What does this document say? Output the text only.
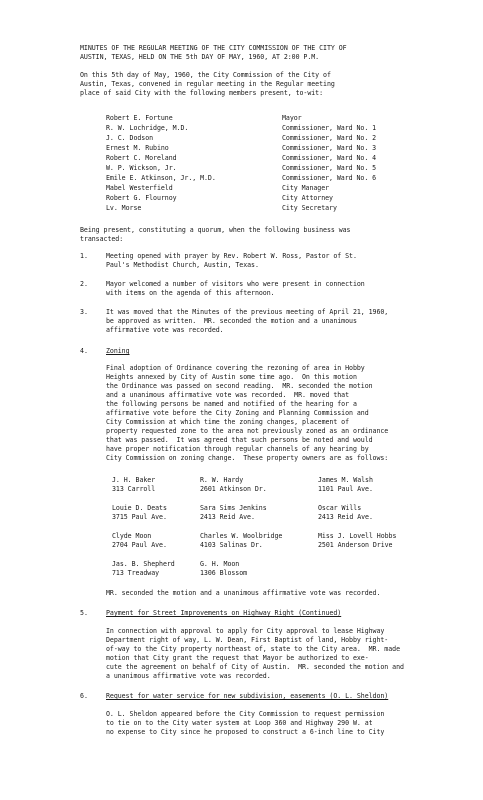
MINUTES OF THE REGULAR MEETING OF THE CITY COMMISSION OF THE CITY OF
AUSTIN, TEXAS, HELD ON THE 5th DAY OF MAY, 1960, AT 2:00 P.M.
On this 5th day of May, 1960, the City Commission of the City of
Austin, Texas, convened in regular meeting in the Regular meeting
place of said City with the following members present, to-wit:
Robert E. Fortune	Mayor
R. W. Lochridge, M.D.	Commissioner, Ward No. 1
J. C. Dodson	Commissioner, Ward No. 2
Ernest M. Rubino	Commissioner, Ward No. 3
Robert C. Moreland	Commissioner, Ward No. 4
W. P. Wickson, Jr.	Commissioner, Ward No. 5
Emile E. Atkinson, Jr., M.D.	Commissioner, Ward No. 6
Mabel Westerfield	City Manager
Robert G. Flournoy	City Attorney
Lv. Morse	City Secretary
Being present, constituting a quorum, when the following business was
transacted:
1.	Meeting opened with prayer by Rev. Robert W. Ross, Pastor of St.
Paul's Methodist Church, Austin, Texas.
2.	Mayor welcomed a number of visitors who were present in connection
with items on the agenda of this afternoon.
3.	It was moved that the Minutes of the previous meeting of April 21, 1960,
be approved as written.  MR. seconded the motion and a unanimous
affirmative vote was recorded.
4.	Zoning
Final adoption of Ordinance covering the rezoning of area in Hobby
Heights annexed by City of Austin some time ago.  On this motion
the Ordinance was passed on second reading.  MR. seconded the motion
and a unanimous affirmative vote was recorded.  MR. moved that
the following persons be named and notified of the hearing for a
affirmative vote before the City Zoning and Planning Commission and
City Commission at which time the zoning changes, placement of
property requested zone to the area not previously zoned as an ordinance
that was passed.  It was agreed that such persons be noted and would
have proper notification through regular channels of any hearing by
City Commission on zoning change.  These property owners are as follows:
J. H. Baker	R. W. Hardy	James M. Walsh
313 Carroll	2601 Atkinson Dr.	1101 Paul Ave.
Louie D. Deats	Sara Sims Jenkins	Oscar Wills
3715 Paul Ave.	2413 Reid Ave.	2413 Reid Ave.
Clyde Moon	Charles W. Woolbridge	Miss J. Lovell Hobbs
2704 Paul Ave.	4103 Salinas Dr.	2501 Anderson Drive
Jas. B. Shepherd	G. H. Moon
713 Treadway	1306 Blossom
MR. seconded the motion and a unanimous affirmative vote was recorded.
5.	Payment for Street Improvements on Highway Right (Continued)
In connection with approval to apply for City approval to lease Highway
Department right of way, L. W. Dean, First Baptist of land, Hobby right-
of-way to the City property northeast of, state to the City area.  MR. made
motion that City grant the request that Mayor be authorized to exe-
cute the agreement on behalf of City of Austin.  MR. seconded the motion and
a unanimous affirmative vote was recorded.
6.	Request for water service for new subdivision, easements (O. L. Sheldon)
O. L. Sheldon appeared before the City Commission to request permission
to tie on to the City water system at Loop 360 and Highway 290 W. at
no expense to City since he proposed to construct a 6-inch line to City
